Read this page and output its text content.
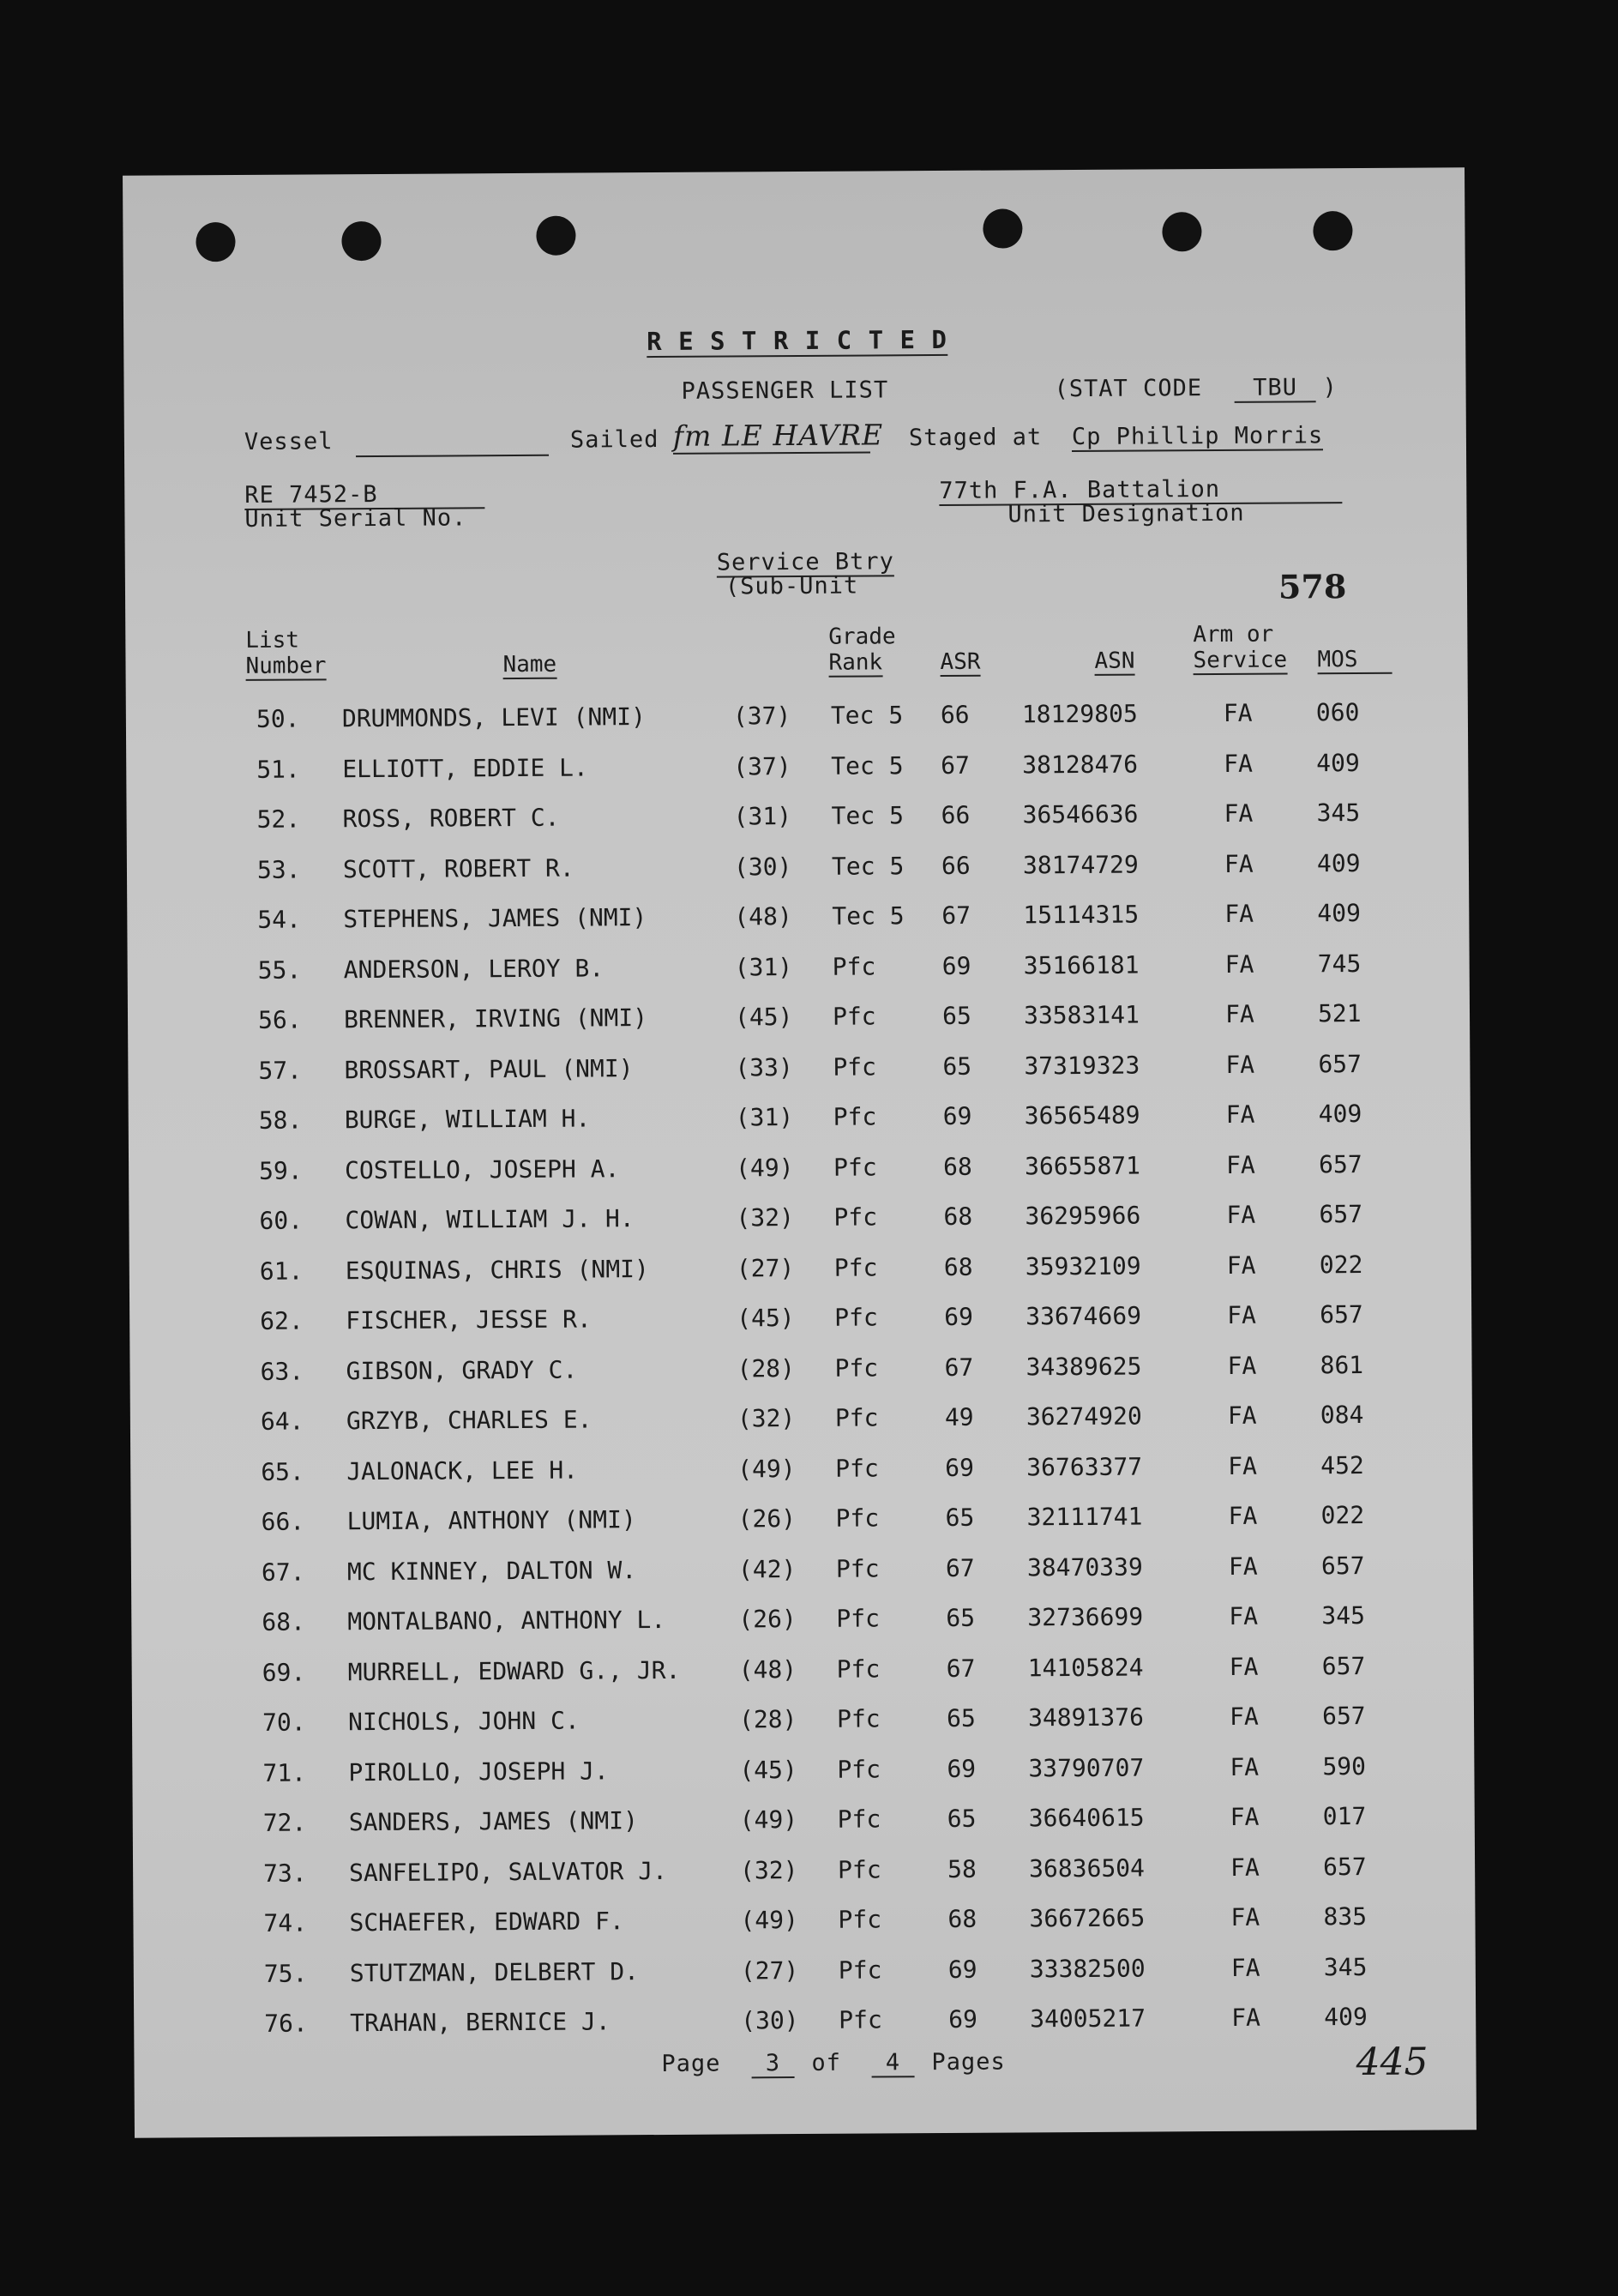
R E S T R I C T E D
PASSENGER LIST	(STAT CODE	TBU	)
Vessel	Sailed fm LE HAVRE Staged at Cp Phillip Morris
RE 7452-B
Unit Serial No.
77th F.A. Battalion
Unit Designation
Service Btry
(Sub-Unit	578
List
Number	Name
Grade
Rank	ASR	ASN
Arm or
Service MOS
50. DRUMMONDS, LEVI (NMI)	(37) Tec 5 66 18129805	FA	060
51. ELLIOTT, EDDIE L.	(37) Tec 5 67 38128476	FA	409
52. ROSS, ROBERT C.	(31) Tec 5 66 36546636	FA	345
53. SCOTT, ROBERT R.	(30) Tec 5 66 38174729	FA	409
54. STEPHENS, JAMES (NMI)	(48) Tec 5 67 15114315	FA	409
55. ANDERSON, LEROY B.	(31) Pfc	69 35166181	FA	745
56. BRENNER, IRVING (NMI)	(45) Pfc	65 33583141	FA	521
57. BROSSART, PAUL (NMI)	(33) Pfc	65 37319323	FA	657
58. BURGE, WILLIAM H.	(31) Pfc	69 36565489	FA	409
59. COSTELLO, JOSEPH A.	(49) Pfc	68 36655871	FA	657
60. COWAN, WILLIAM J. H.	(32) Pfc	68 36295966	FA	657
61. ESQUINAS, CHRIS (NMI)	(27) Pfc	68 35932109	FA	022
62. FISCHER, JESSE R.	(45) Pfc	69 33674669	FA	657
63. GIBSON, GRADY C.	(28) Pfc	67 34389625	FA	861
64. GRZYB, CHARLES E.	(32) Pfc	49 36274920	FA	084
65. JALONACK, LEE H.	(49) Pfc	69 36763377	FA	452
66. LUMIA, ANTHONY (NMI)	(26) Pfc	65 32111741	FA	022
67. MC KINNEY, DALTON W.	(42) Pfc	67 38470339	FA	657
68. MONTALBANO, ANTHONY L.	(26) Pfc	65 32736699	FA	345
69. MURRELL, EDWARD G., JR. (48) Pfc	67 14105824	FA	657
70. NICHOLS, JOHN C.	(28) Pfc	65 34891376	FA	657
71. PIROLLO, JOSEPH J.	(45) Pfc	69 33790707	FA	590
72. SANDERS, JAMES (NMI)	(49) Pfc	65 36640615	FA	017
73. SANFELIPO, SALVATOR J.	(32) Pfc	58 36836504	FA	657
74. SCHAEFER, EDWARD F.	(49) Pfc	68 36672665	FA	835
75. STUTZMAN, DELBERT D.	(27) Pfc	69 33382500	FA	345
76. TRAHAN, BERNICE J.	(30) Pfc	69 34005217	FA	409
Page	3	of	4	Pages	445
